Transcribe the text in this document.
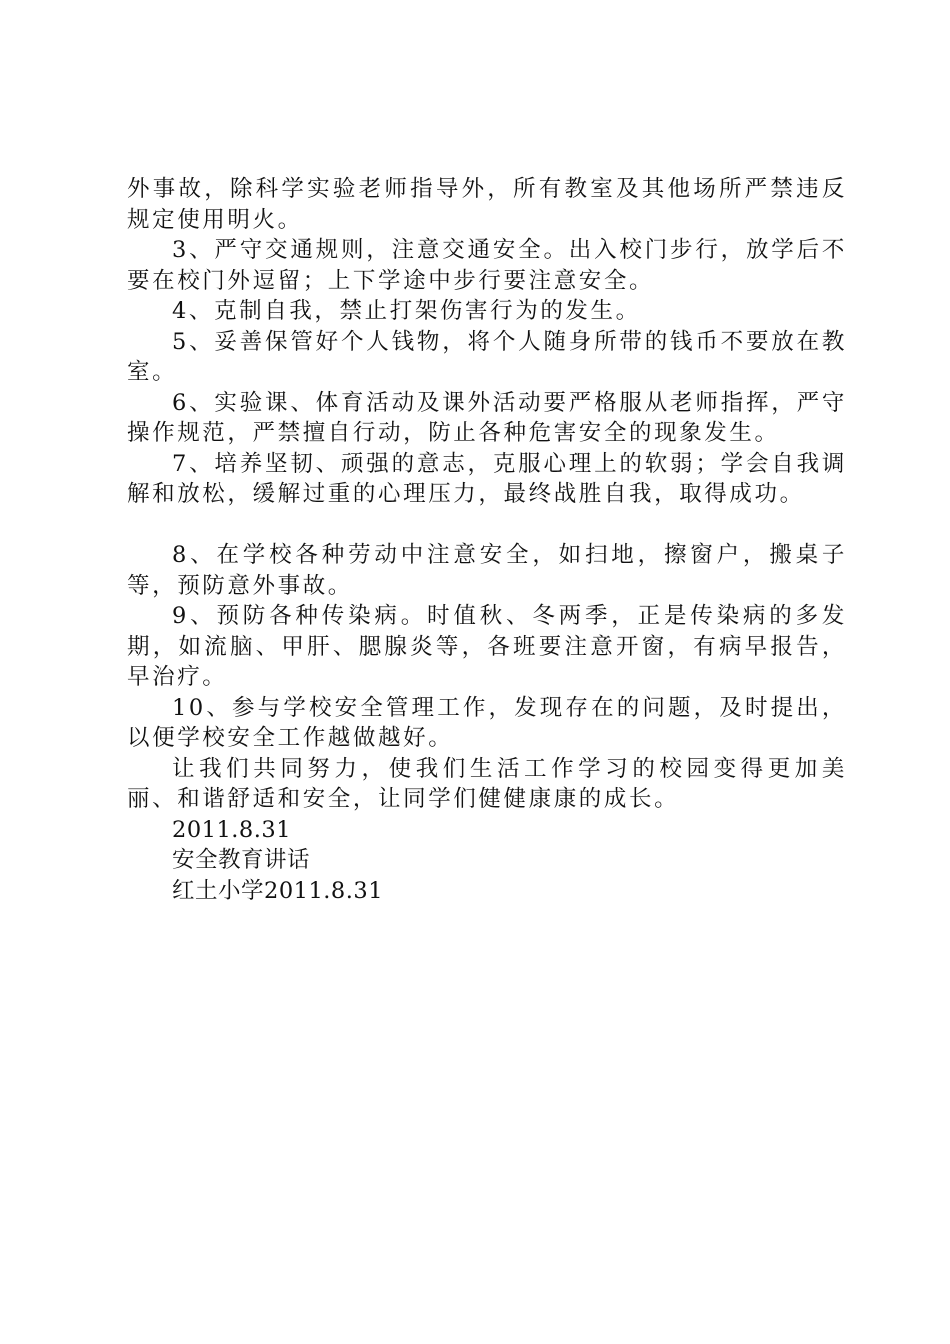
外事故，除科学实验老师指导外，所有教室及其他场所严禁违反规定使用明火。

3、严守交通规则，注意交通安全。出入校门步行，放学后不要在校门外逗留；上下学途中步行要注意安全。

4、克制自我，禁止打架伤害行为的发生。

5、妥善保管好个人钱物，将个人随身所带的钱币不要放在教室。

6、实验课、体育活动及课外活动要严格服从老师指挥，严守操作规范，严禁擅自行动，防止各种危害安全的现象发生。

7、培养坚韧、顽强的意志，克服心理上的软弱；学会自我调解和放松，缓解过重的心理压力，最终战胜自我，取得成功。

8、在学校各种劳动中注意安全，如扫地，擦窗户，搬桌子等，预防意外事故。

9、预防各种传染病。时值秋、冬两季，正是传染病的多发期，如流脑、甲肝、腮腺炎等，各班要注意开窗，有病早报告，早治疗。

10、参与学校安全管理工作，发现存在的问题，及时提出，以便学校安全工作越做越好。

让我们共同努力，使我们生活工作学习的校园变得更加美丽、和谐舒适和安全，让同学们健健康康的成长。

2011.8.31

安全教育讲话

红土小学2011.8.31
